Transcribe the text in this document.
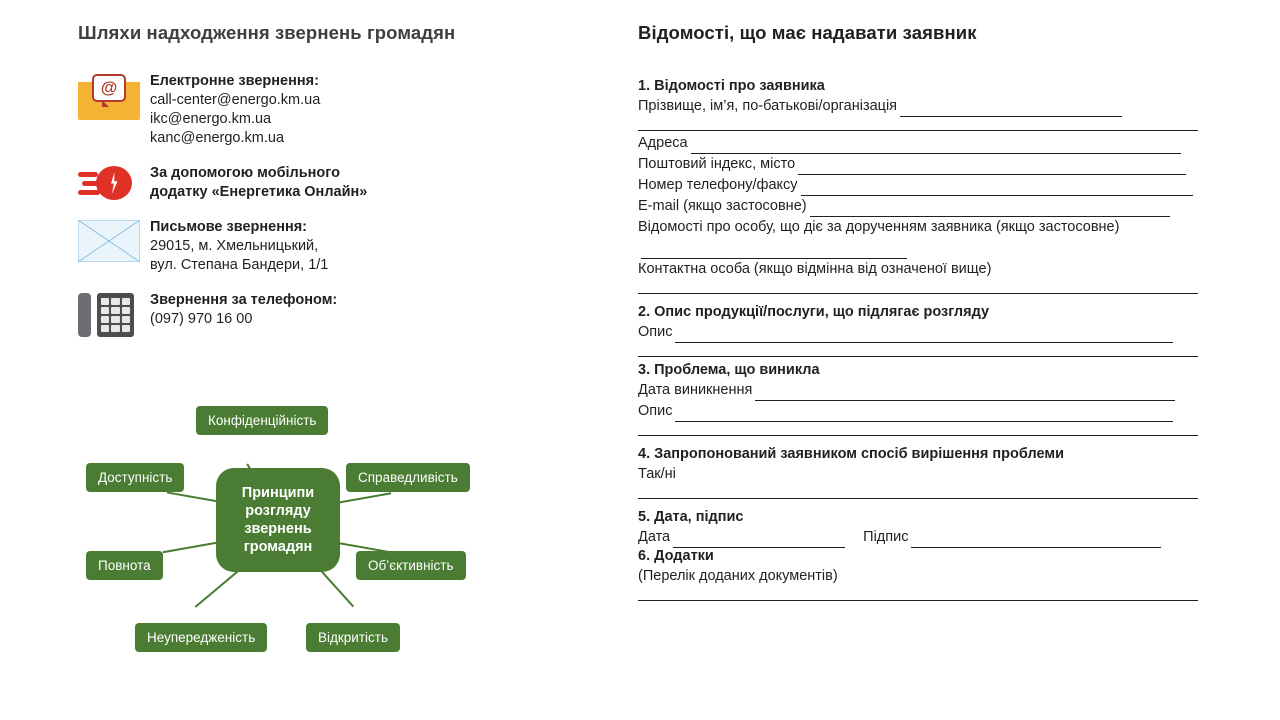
Шляхи надходження звернень громадян
@	Електронне звернення:
call-center@energo.km.ua
ikc@energo.km.ua
kanc@energo.km.ua
За допомогою мобільного
додатку «Енергетика Онлайн»
Письмове звернення:
29015, м. Хмельницький,
вул. Степана Бандери, 1/1
Звернення за телефоном:
(097) 970 16 00
Принципи розгляду звернень громадян
Конфіденційність
Доступність	Справедливість
Повнота	Об’єктивність
Неупередженість	Відкритість
Відомості, що має надавати заявник
1. Відомості про заявника
Прізвище, ім’я, по-батькові/організація
Адреса
Поштовий індекс, місто
Номер телефону/факсу
E-mail (якщо застосовне)
Відомості про особу, що діє за дорученням заявника (якщо застосовне)
Контактна особа (якщо відмінна від означеної вище)
2. Опис продукції/послуги, що підлягає розгляду
Опис
3. Проблема, що виникла
Дата виникнення
Опис
4. Запропонований заявником спосіб вирішення проблеми
Так/ні
5. Дата, підпис
Дата	Підпис
6. Додатки
(Перелік доданих документів)
